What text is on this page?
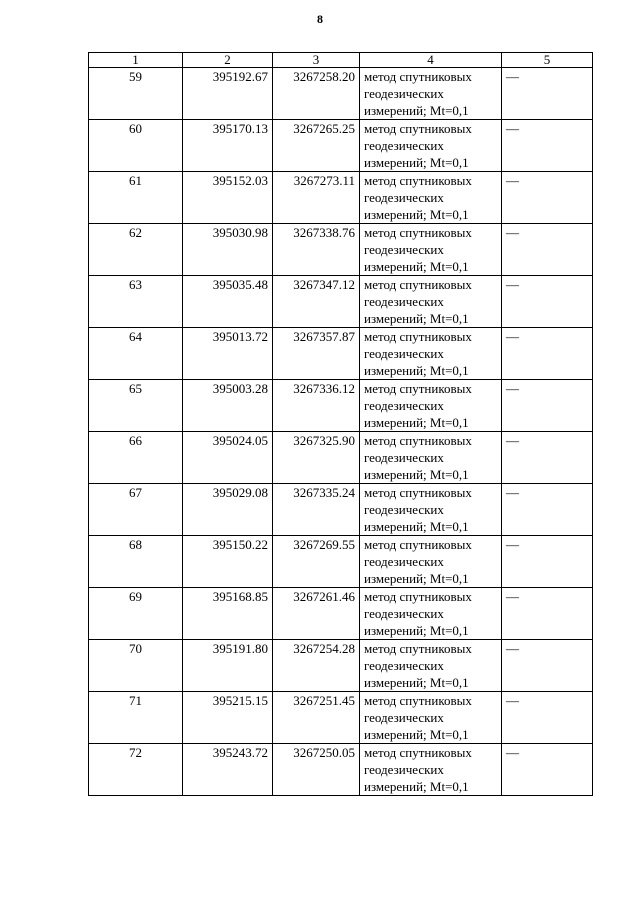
8
1	2	3	4	5
59	395192.67	3267258.20	метод спутниковых
геодезических
измерений; Mt=0,1	—
60	395170.13	3267265.25	метод спутниковых
геодезических
измерений; Mt=0,1	—
61	395152.03	3267273.11	метод спутниковых
геодезических
измерений; Mt=0,1	—
62	395030.98	3267338.76	метод спутниковых
геодезических
измерений; Mt=0,1	—
63	395035.48	3267347.12	метод спутниковых
геодезических
измерений; Mt=0,1	—
64	395013.72	3267357.87	метод спутниковых
геодезических
измерений; Mt=0,1	—
65	395003.28	3267336.12	метод спутниковых
геодезических
измерений; Mt=0,1	—
66	395024.05	3267325.90	метод спутниковых
геодезических
измерений; Mt=0,1	—
67	395029.08	3267335.24	метод спутниковых
геодезических
измерений; Mt=0,1	—
68	395150.22	3267269.55	метод спутниковых
геодезических
измерений; Mt=0,1	—
69	395168.85	3267261.46	метод спутниковых
геодезических
измерений; Mt=0,1	—
70	395191.80	3267254.28	метод спутниковых
геодезических
измерений; Mt=0,1	—
71	395215.15	3267251.45	метод спутниковых
геодезических
измерений; Mt=0,1	—
72	395243.72	3267250.05	метод спутниковых
геодезических
измерений; Mt=0,1	—
